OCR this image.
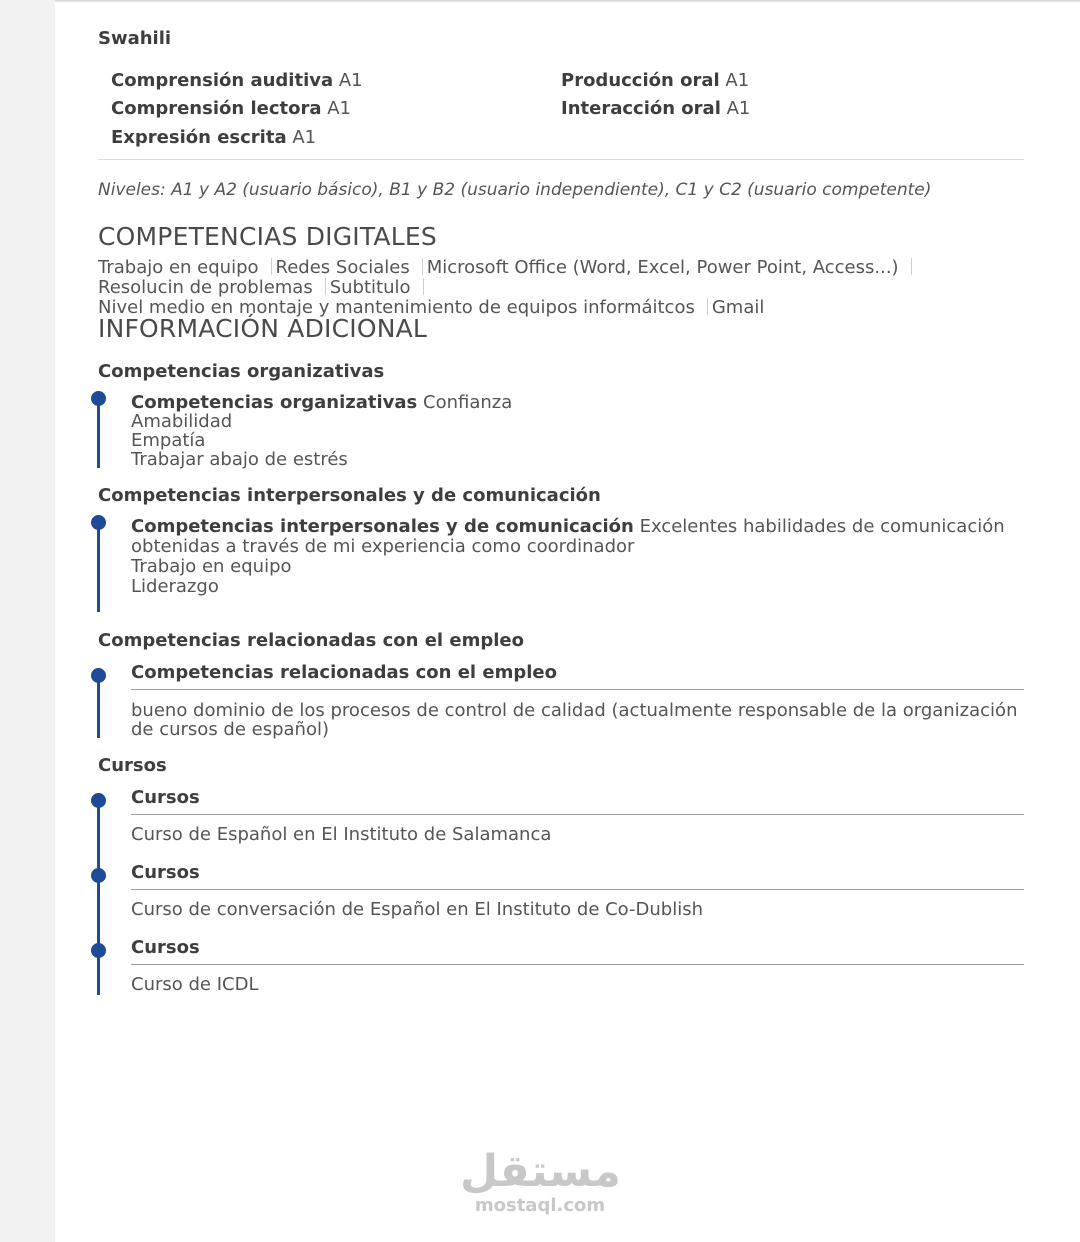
Swahili
Comprensión auditiva A1
Comprensión lectora A1
Expresión escrita A1
Producción oral A1
Interacción oral A1
Niveles: A1 y A2 (usuario básico), B1 y B2 (usuario independiente), C1 y C2 (usuario competente)
COMPETENCIAS DIGITALES
Trabajo en equipo Redes Sociales Microsoft Office (Word, Excel, Power Point, Access...)Resolucin de problemas SubtituloNivel medio en montaje y mantenimiento de equipos informáitcos Gmail
INFORMACIÓN ADICIONAL
Competencias organizativas
Competencias organizativas Confianza
Amabilidad
Empatía
Trabajar abajo de estrés
Competencias interpersonales y de comunicación
Competencias interpersonales y de comunicación Excelentes habilidades de comunicación obtenidas a través de mi experiencia como coordinador
Trabajo en equipo
Liderazgo
Competencias relacionadas con el empleo
Competencias relacionadas con el empleo
bueno dominio de los procesos de control de calidad (actualmente responsable de la organización de cursos de español)
Cursos
Cursos
Curso de Español en El Instituto de Salamanca
Cursos
Curso de conversación de Español en El Instituto de Co-Dublish
Cursos
Curso de ICDL
مستقل
mostaql.com
